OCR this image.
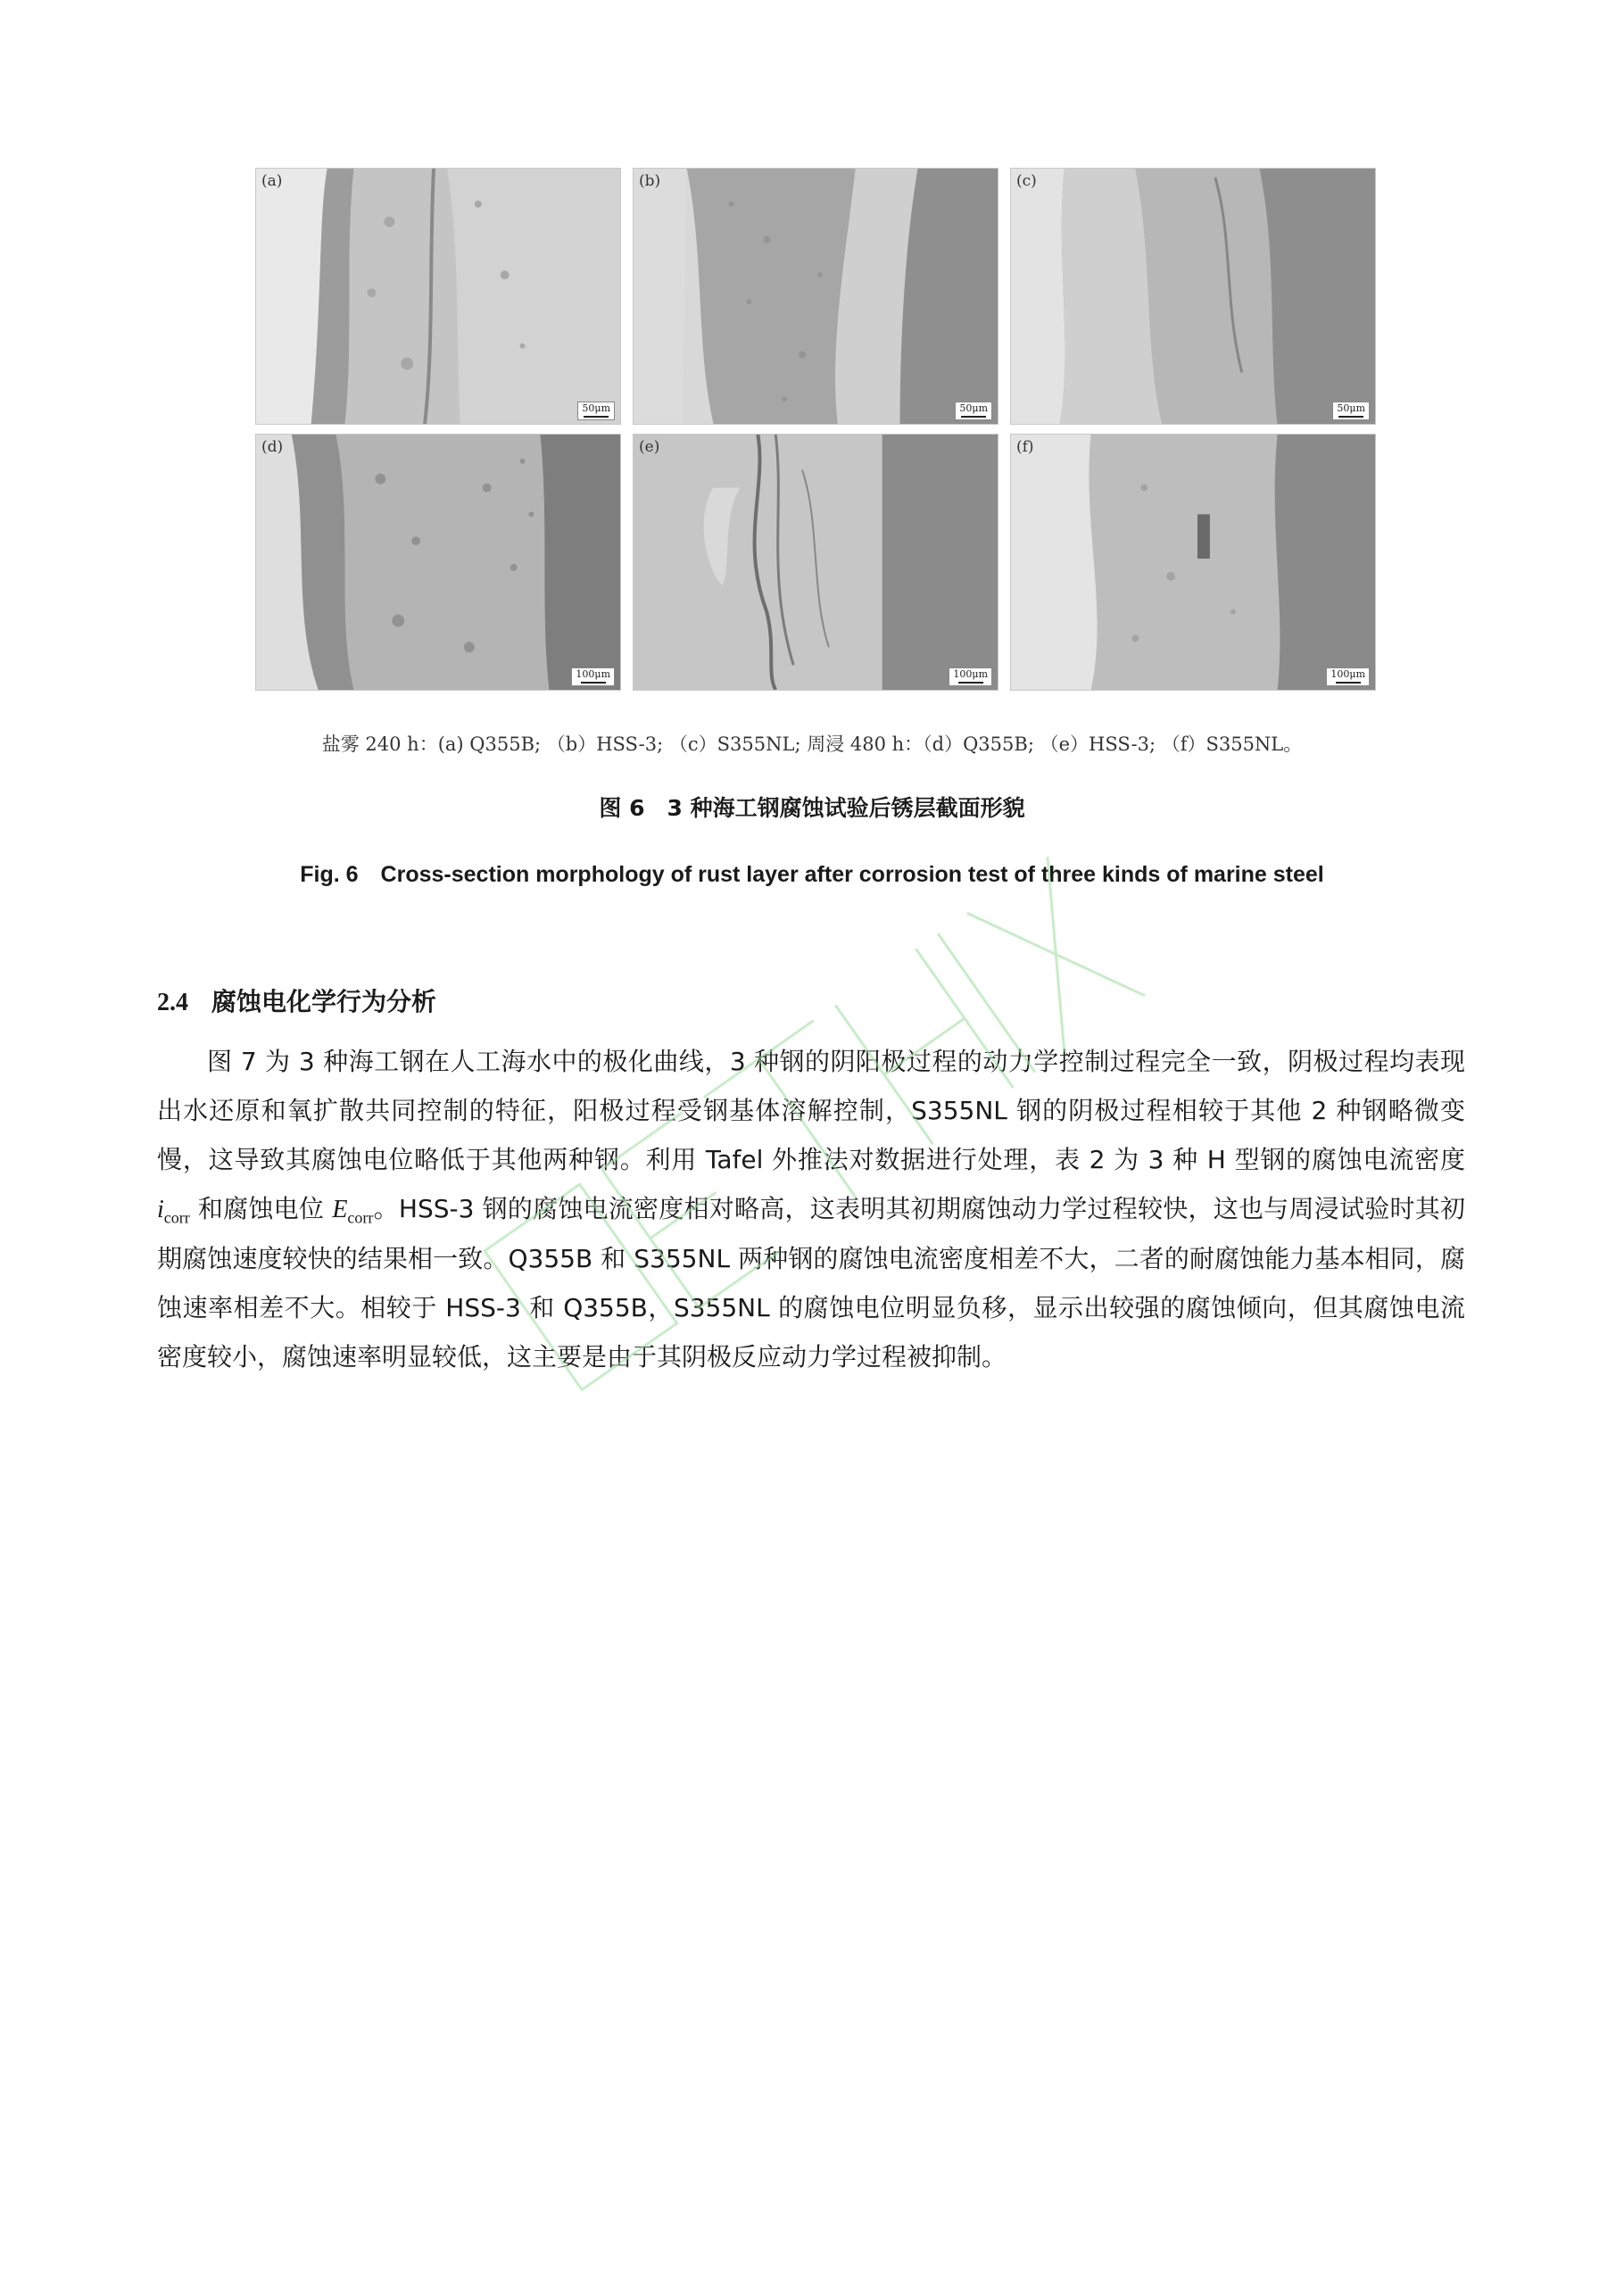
(a)
50μm
(b)
50μm
(c)
50μm
(d)
100μm
(e)
100μm
(f)
100μm
盐雾 240 h：(a) Q355B; （b）HSS-3; （c）S355NL; 周浸 480 h：（d）Q355B; （e）HSS-3; （f）S355NL。
图 6　3 种海工钢腐蚀试验后锈层截面形貌
Fig. 6　Cross-section morphology of rust layer after corrosion test of three kinds of marine steel
2.4 腐蚀电化学行为分析
图 7 为 3 种海工钢在人工海水中的极化曲线，3 种钢的阴阳极过程的动力学控制过程完全一致，阴极过程均表现出水还原和氧扩散共同控制的特征，阳极过程受钢基体溶解控制，S355NL 钢的阴极过程相较于其他 2 种钢略微变慢，这导致其腐蚀电位略低于其他两种钢。利用 Tafel 外推法对数据进行处理，表 2 为 3 种 H 型钢的腐蚀电流密度 $i_{corr}$ 和腐蚀电位 $E_{corr}$。HSS-3 钢的腐蚀电流密度相对略高，这表明其初期腐蚀动力学过程较快，这也与周浸试验时其初期腐蚀速度较快的结果相一致。Q355B 和 S355NL 两种钢的腐蚀电流密度相差不大，二者的耐腐蚀能力基本相同，腐蚀速率相差不大。相较于 HSS-3 和 Q355B，S355NL 的腐蚀电位明显负移，显示出较强的腐蚀倾向，但其腐蚀电流密度较小，腐蚀速率明显较低，这主要是由于其阴极反应动力学过程被抑制。
